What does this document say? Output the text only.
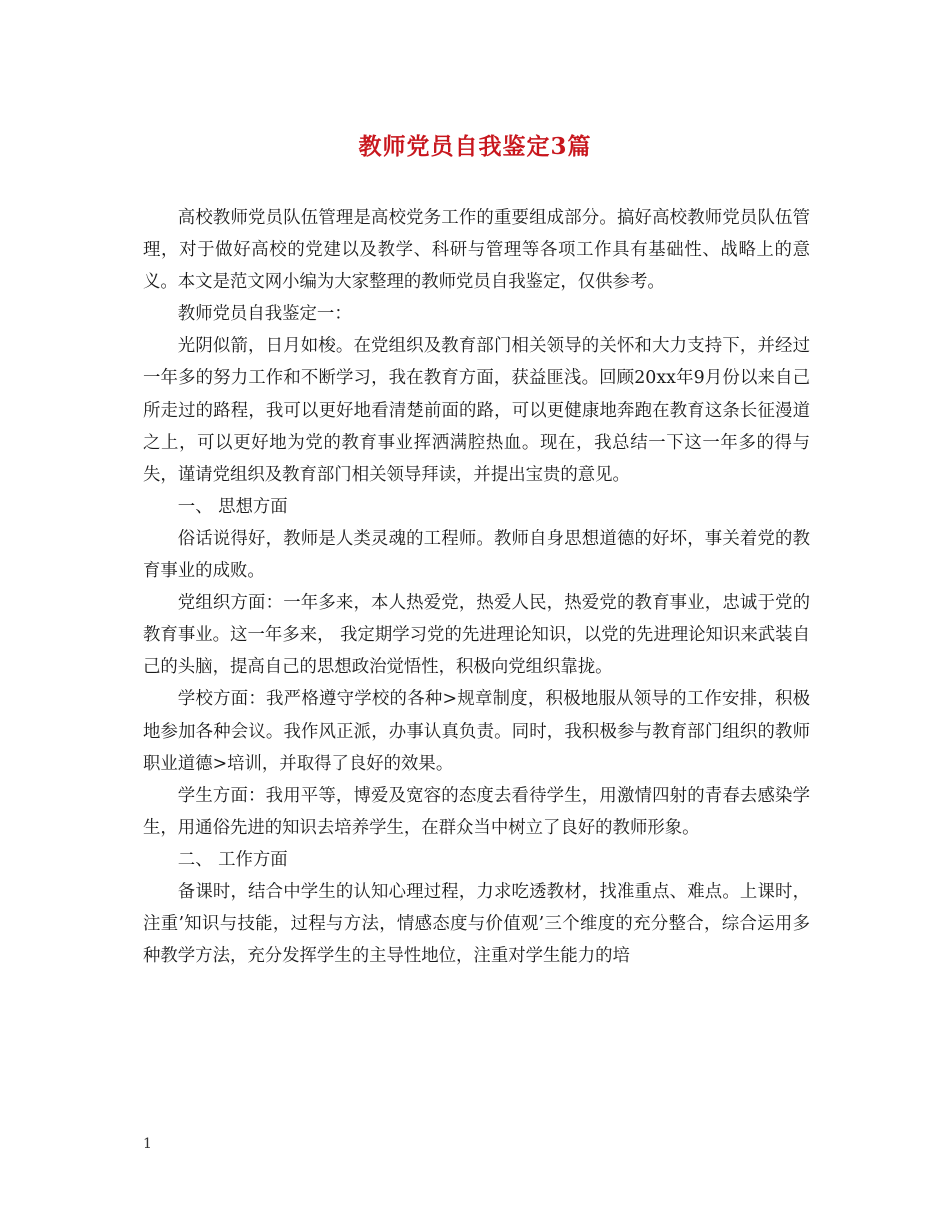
教师党员自我鉴定3篇

高校教师党员队伍管理是高校党务工作的重要组成部分。搞好高校教师党员队伍管理，对于做好高校的党建以及教学、科研与管理等各项工作具有基础性、战略上的意义。本文是范文网小编为大家整理的教师党员自我鉴定，仅供参考。

教师党员自我鉴定一：

光阴似箭，日月如梭。在党组织及教育部门相关领导的关怀和大力支持下，并经过一年多的努力工作和不断学习，我在教育方面，获益匪浅。回顾20xx年9月份以来自己所走过的路程，我可以更好地看清楚前面的路，可以更健康地奔跑在教育这条长征漫道之上，可以更好地为党的教育事业挥洒满腔热血。现在，我总结一下这一年多的得与失，谨请党组织及教育部门相关领导拜读，并提出宝贵的意见。

一、 思想方面

俗话说得好，教师是人类灵魂的工程师。教师自身思想道德的好坏，事关着党的教育事业的成败。

党组织方面：一年多来，本人热爱党，热爱人民，热爱党的教育事业，忠诚于党的教育事业。这一年多来， 我定期学习党的先进理论知识，以党的先进理论知识来武装自己的头脑，提高自己的思想政治觉悟性，积极向党组织靠拢。

学校方面：我严格遵守学校的各种>规章制度，积极地服从领导的工作安排，积极地参加各种会议。我作风正派，办事认真负责。同时，我积极参与教育部门组织的教师职业道德>培训，并取得了良好的效果。

学生方面：我用平等，博爱及宽容的态度去看待学生，用激情四射的青春去感染学生，用通俗先进的知识去培养学生，在群众当中树立了良好的教师形象。

二、 工作方面

备课时，结合中学生的认知心理过程，力求吃透教材，找准重点、难点。上课时，注重’知识与技能，过程与方法，情感态度与价值观’三个维度的充分整合，综合运用多种教学方法，充分发挥学生的主导性地位，注重对学生能力的培

1
